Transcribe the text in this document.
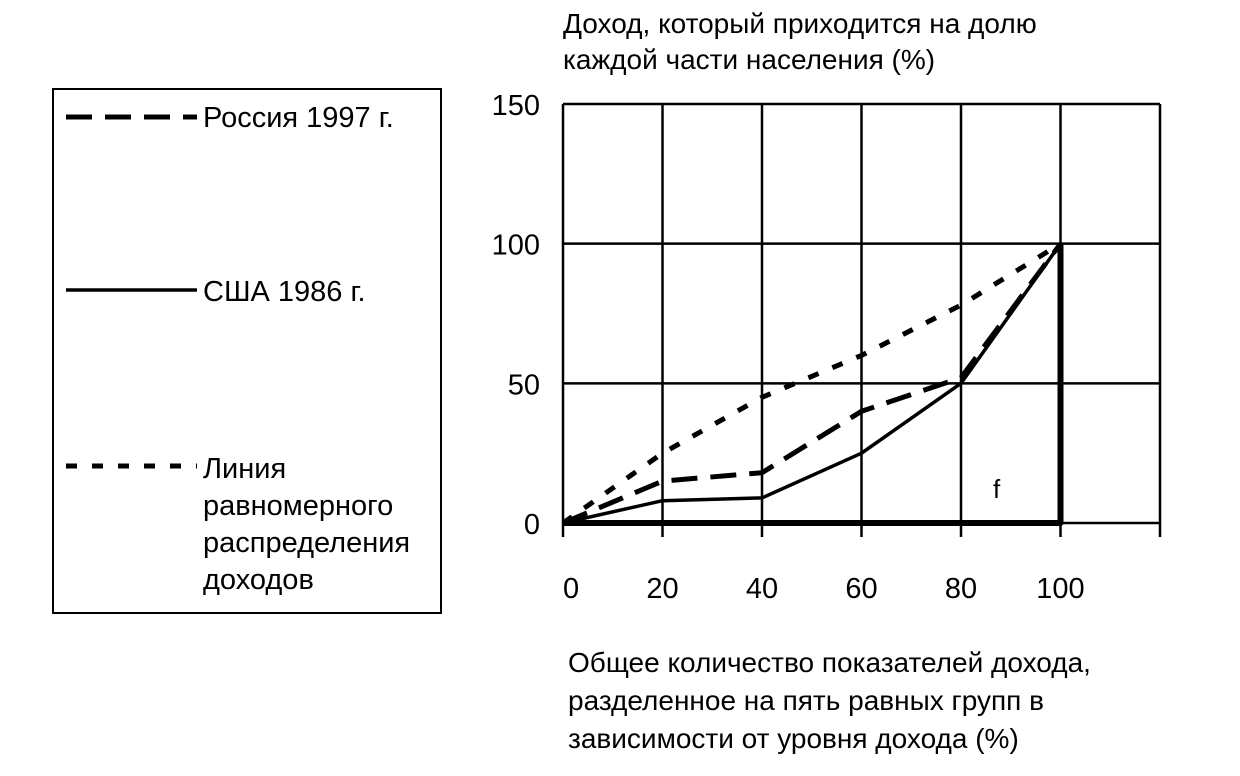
0 20 40 60 80 100
0
50
100
150
f
Доход, который приходится на долю
каждой части населения (%)
Общее количество показателей дохода,
разделенное на пять равных групп в
зависимости от уровня дохода (%)
Россия 1997 г.
США 1986 г.
Линия
равномерного
распределения
доходов
